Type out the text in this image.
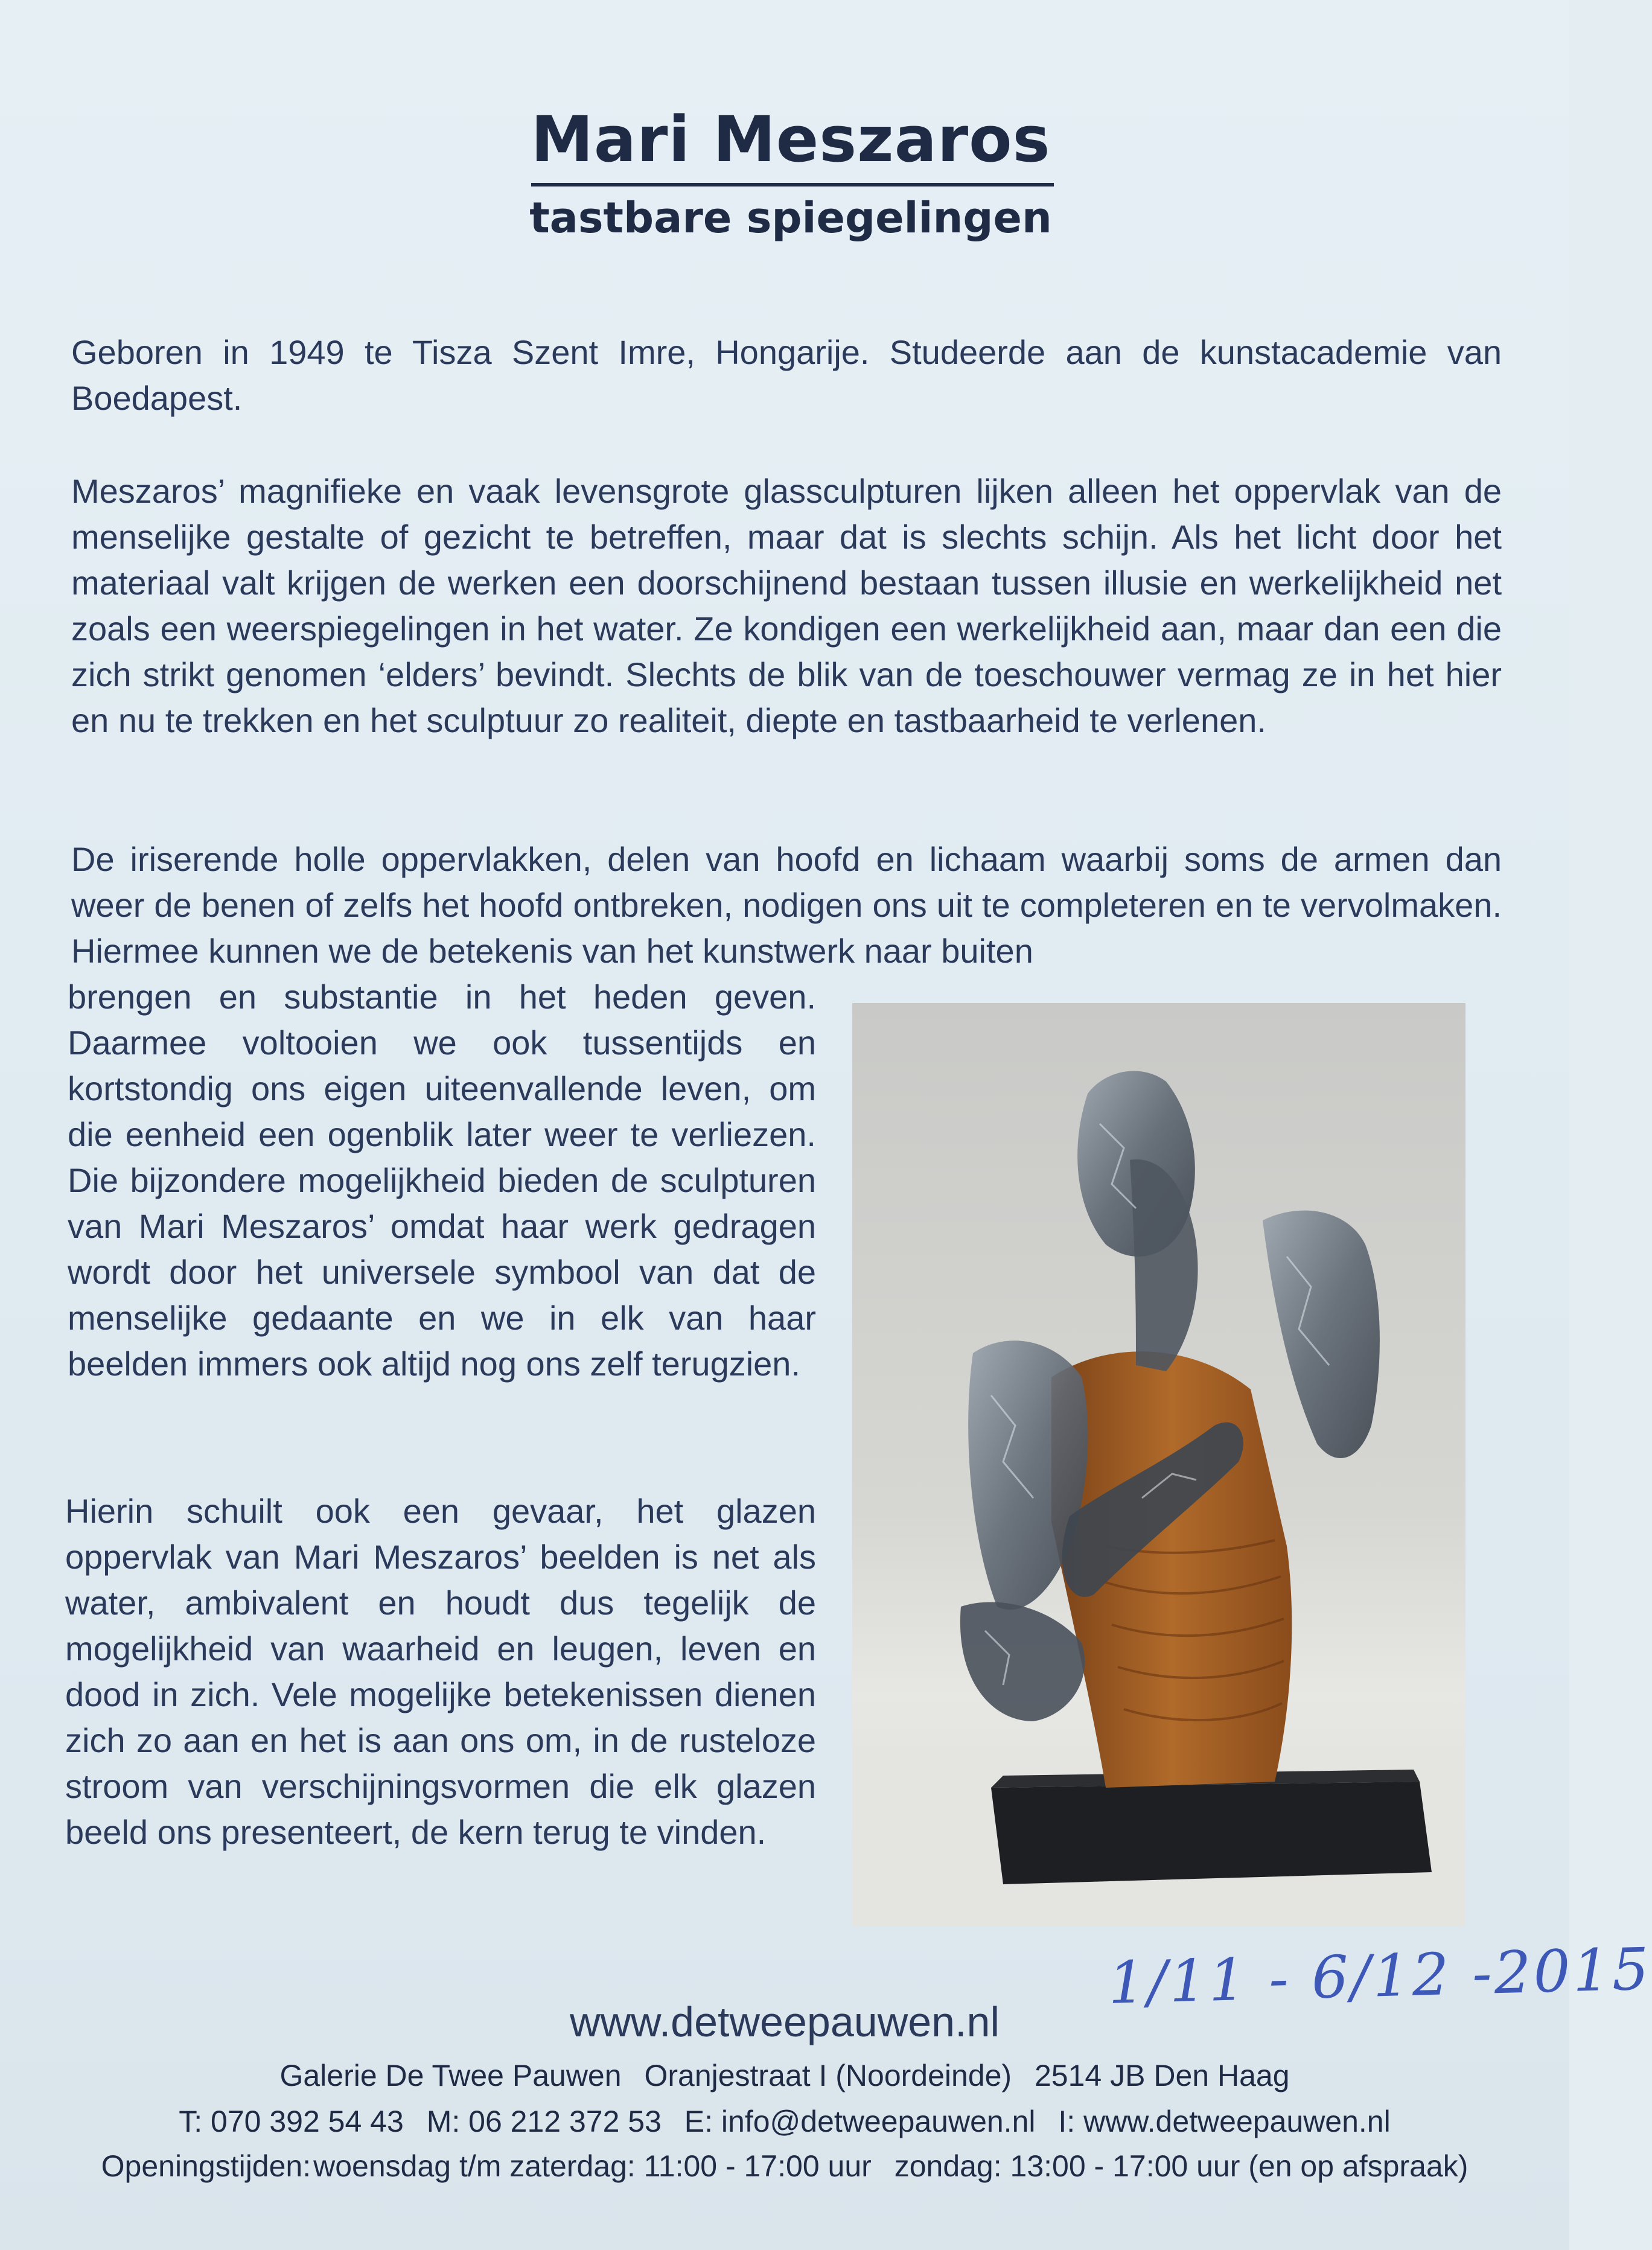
Mari Meszaros
tastbare spiegelingen

Geboren in 1949 te Tisza Szent Imre, Hongarije. Studeerde aan de kunstacademie van Boedapest.

Meszaros’ magnifieke en vaak levensgrote glassculpturen lijken alleen het oppervlak van de menselijke gestalte of gezicht te betreffen, maar dat is slechts schijn. Als het licht door het materiaal valt krijgen de werken een doorschijnend bestaan tussen illusie en werkelijkheid net zoals een weerspiegelingen in het water. Ze kondigen een werkelijkheid aan, maar dan een die zich strikt genomen ‘elders’ bevindt. Slechts de blik van de toeschouwer vermag ze in het hier en nu te trekken en het sculptuur zo realiteit, diepte en tastbaarheid te verlenen.

De iriserende holle oppervlakken, delen van hoofd en lichaam waarbij soms de armen dan weer de benen of zelfs het hoofd ontbreken, nodigen ons uit te completeren en te vervolmaken. Hiermee kunnen we de betekenis van het kunstwerk naar buiten

brengen en substantie in het heden geven. Daarmee voltooien we ook tussentijds en kortstondig ons eigen uiteenvallende leven, om die eenheid een ogenblik later weer te verliezen. Die bijzondere mogelijkheid bieden de sculpturen van Mari Meszaros’ omdat haar werk gedragen wordt door het universele symbool van dat de menselijke gedaante en we in elk van haar beelden immers ook altijd nog ons zelf terugzien.

Hierin schuilt ook een gevaar, het glazen oppervlak van Mari Meszaros’ beelden is net als water, ambivalent en houdt dus tegelijk de mogelijkheid van waarheid en leugen, leven en dood in zich. Vele mogelijke betekenissen dienen zich zo aan en het is aan ons om, in de rusteloze stroom van verschijningsvormen die elk glazen beeld ons presenteert, de kern terug te vinden.

1/11 - 6/12 -2015
www.detweepauwen.nl
Galerie De Twee Pauwen Oranjestraat I (Noordeinde) 2514 JB Den Haag
T: 070 392 54 43 M: 06 212 372 53 E: info@detweepauwen.nl I: www.detweepauwen.nl
Openingstijden:woensdag t/m zaterdag: 11:00 - 17:00 uur zondag: 13:00 - 17:00 uur (en op afspraak)
